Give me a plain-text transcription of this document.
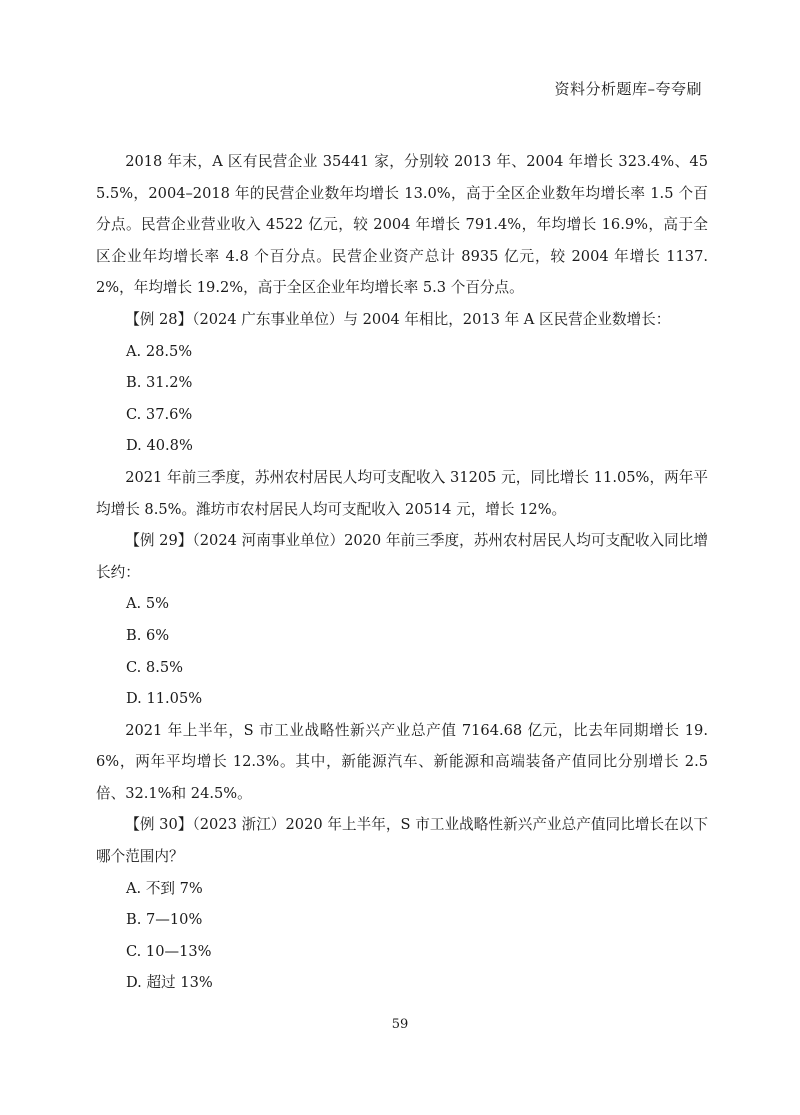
资料分析题库–夸夸刷

2018 年末，A 区有民营企业 35441 家，分别较 2013 年、2004 年增长 323.4%、455.5%，2004–2018 年的民营企业数年均增长 13.0%，高于全区企业数年均增长率 1.5 个百分点。民营企业营业收入 4522 亿元，较 2004 年增长 791.4%，年均增长 16.9%，高于全区企业年均增长率 4.8 个百分点。民营企业资产总计 8935 亿元，较 2004 年增长 1137.2%，年均增长 19.2%，高于全区企业年均增长率 5.3 个百分点。

【例 28】（2024 广东事业单位）与 2004 年相比，2013 年 A 区民营企业数增长：

A. 28.5%

B. 31.2%

C. 37.6%

D. 40.8%

2021 年前三季度，苏州农村居民人均可支配收入 31205 元，同比增长 11.05%，两年平均增长 8.5%。潍坊市农村居民人均可支配收入 20514 元，增长 12%。

【例 29】（2024 河南事业单位）2020 年前三季度，苏州农村居民人均可支配收入同比增长约：

A. 5%

B. 6%

C. 8.5%

D. 11.05%

2021 年上半年，S 市工业战略性新兴产业总产值 7164.68 亿元，比去年同期增长 19.6%，两年平均增长 12.3%。其中，新能源汽车、新能源和高端装备产值同比分别增长 2.5 倍、32.1%和 24.5%。

【例 30】（2023 浙江）2020 年上半年，S 市工业战略性新兴产业总产值同比增长在以下哪个范围内？

A. 不到 7%

B. 7—10%

C. 10—13%

D. 超过 13%

59
